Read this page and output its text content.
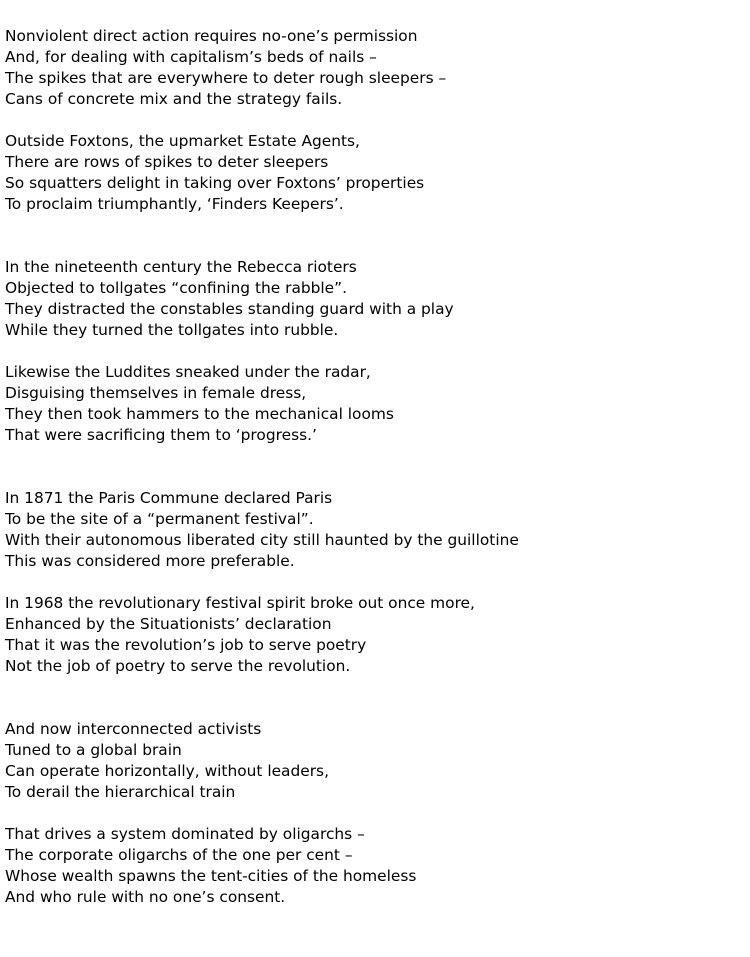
Nonviolent direct action requires no-one’s permission
And, for dealing with capitalism’s beds of nails –
The spikes that are everywhere to deter rough sleepers –
Cans of concrete mix and the strategy fails.
Outside Foxtons, the upmarket Estate Agents,
There are rows of spikes to deter sleepers
So squatters delight in taking over Foxtons’ properties
To proclaim triumphantly, ‘Finders Keepers’.
In the nineteenth century the Rebecca rioters
Objected to tollgates “confining the rabble”.
They distracted the constables standing guard with a play
While they turned the tollgates into rubble.
Likewise the Luddites sneaked under the radar,
Disguising themselves in female dress,
They then took hammers to the mechanical looms
That were sacrificing them to ‘progress.’
In 1871 the Paris Commune declared Paris
To be the site of a “permanent festival”.
With their autonomous liberated city still haunted by the guillotine
This was considered more preferable.
In 1968 the revolutionary festival spirit broke out once more,
Enhanced by the Situationists’ declaration
That it was the revolution’s job to serve poetry
Not the job of poetry to serve the revolution.
And now interconnected activists
Tuned to a global brain
Can operate horizontally, without leaders,
To derail the hierarchical train
That drives a system dominated by oligarchs –
The corporate oligarchs of the one per cent –
Whose wealth spawns the tent-cities of the homeless
And who rule with no one’s consent.
